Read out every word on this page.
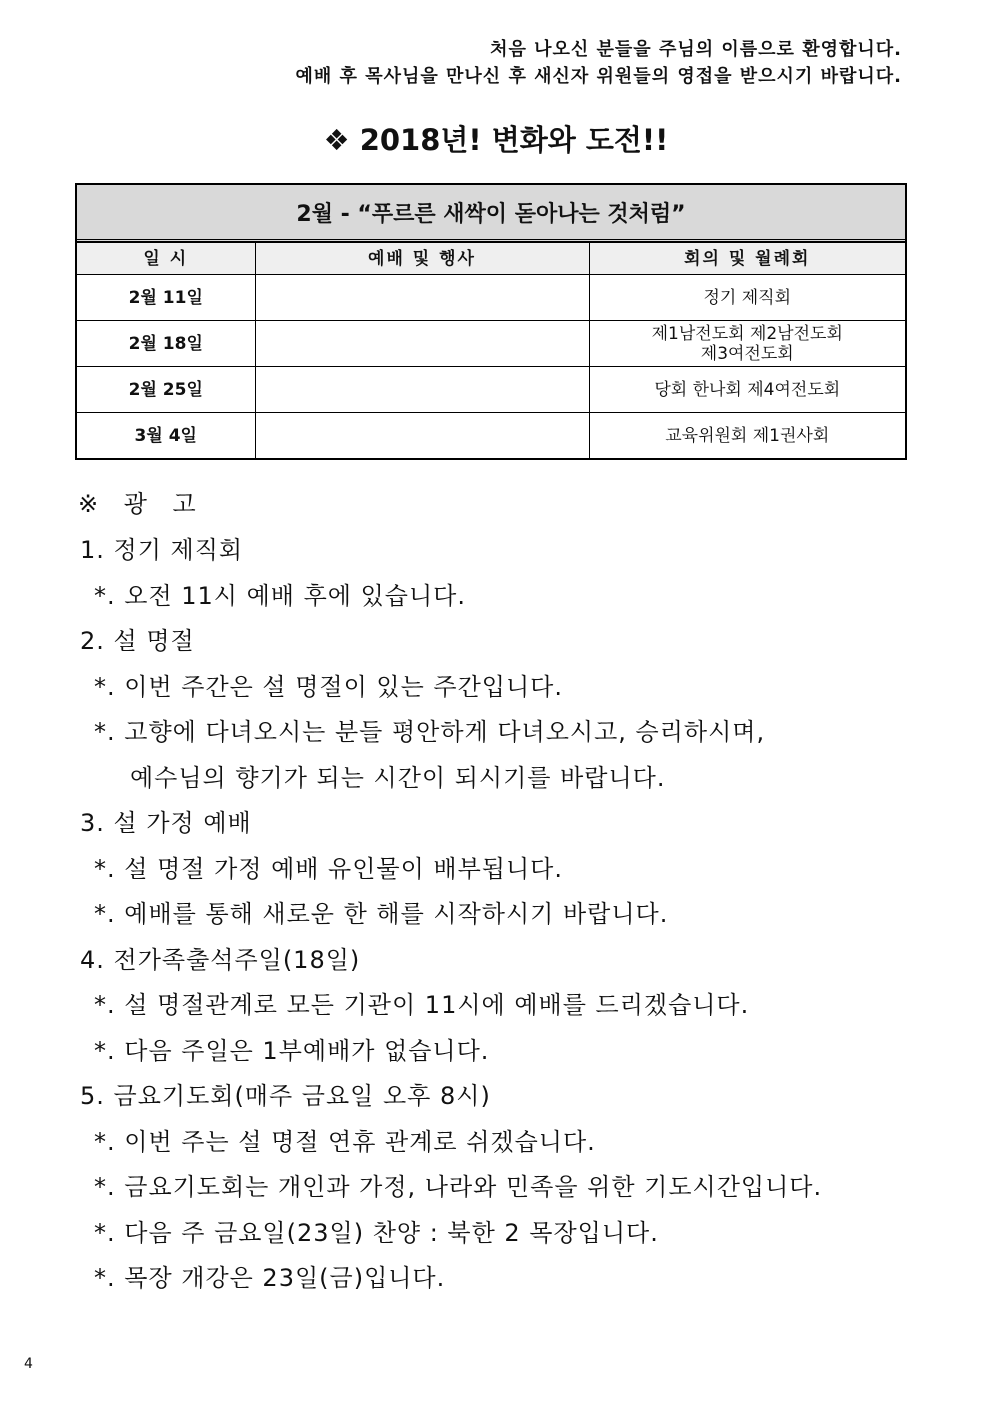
처음 나오신 분들을 주님의 이름으로 환영합니다.
예배 후 목사님을 만나신 후 새신자 위원들의 영접을 받으시기 바랍니다.
❖ 2018년! 변화와 도전!!
2월 - “푸르른 새싹이 돋아나는 것처럼”
일 시	예배 및 행사	회의 및 월례회
2월 11일		정기 제직회
2월 18일		제1남전도회 제2남전도회
제3여전도회

2월 25일		당회 한나회 제4여전도회
3월 4일		교육위원회 제1권사회
※ 광 고
1. 정기 제직회
*. 오전 11시 예배 후에 있습니다.
2. 설 명절
*. 이번 주간은 설 명절이 있는 주간입니다.
*. 고향에 다녀오시는 분들 평안하게 다녀오시고, 승리하시며,
예수님의 향기가 되는 시간이 되시기를 바랍니다.
3. 설 가정 예배
*. 설 명절 가정 예배 유인물이 배부됩니다.
*. 예배를 통해 새로운 한 해를 시작하시기 바랍니다.
4. 전가족출석주일(18일)
*. 설 명절관계로 모든 기관이 11시에 예배를 드리겠습니다.
*. 다음 주일은 1부예배가 없습니다.
5. 금요기도회(매주 금요일 오후 8시)
*. 이번 주는 설 명절 연휴 관계로 쉬겠습니다.
*. 금요기도회는 개인과 가정, 나라와 민족을 위한 기도시간입니다.
*. 다음 주 금요일(23일) 찬양 : 북한 2 목장입니다.
*. 목장 개강은 23일(금)입니다.
4
